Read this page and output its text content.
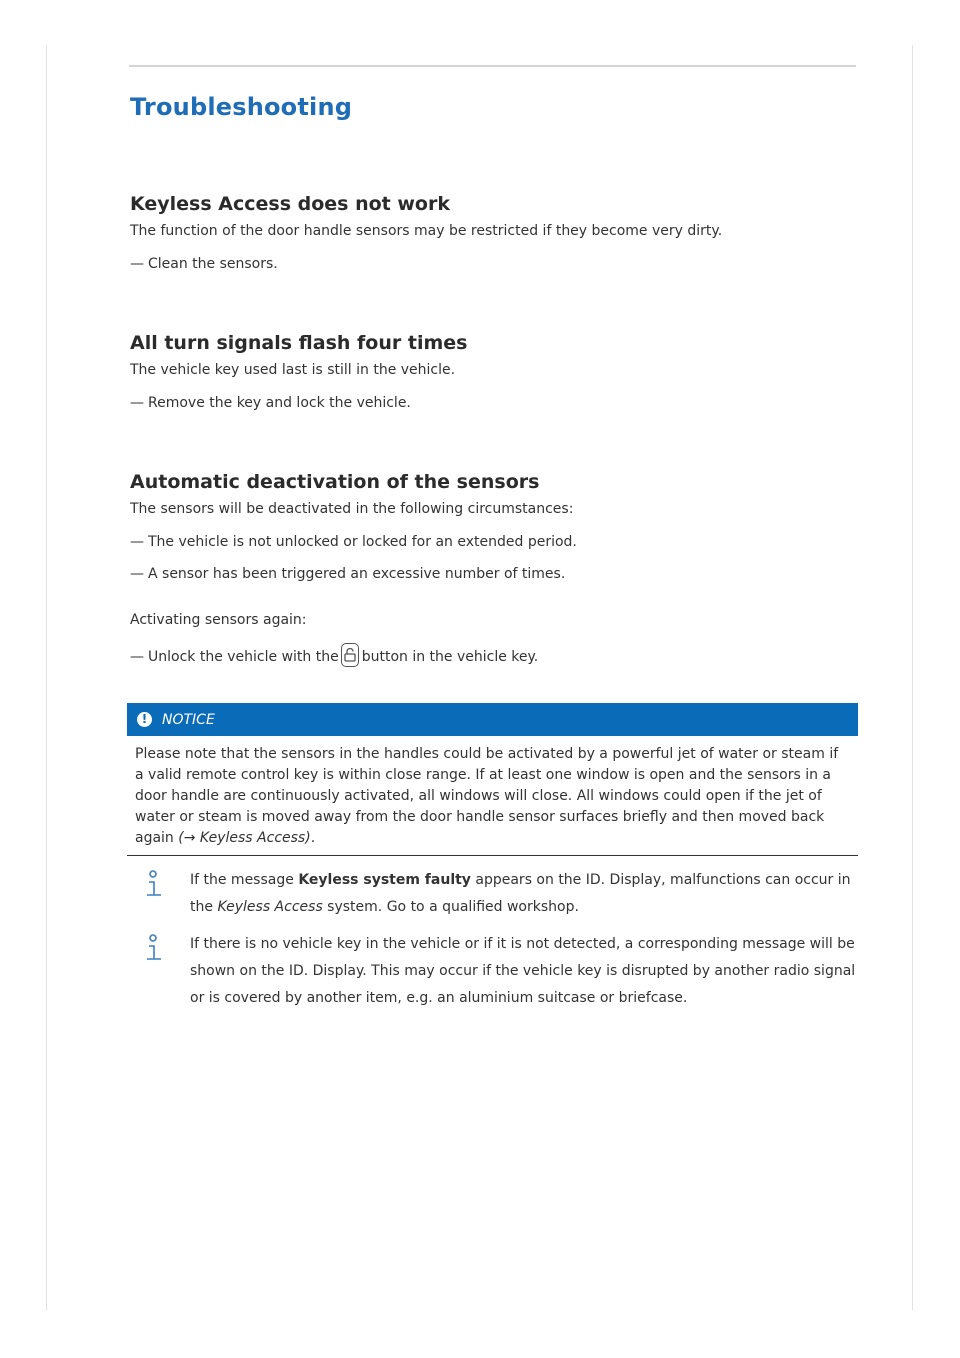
Troubleshooting
Keyless Access does not work

The function of the door handle sensors may be restricted if they become very dirty.

— Clean the sensors.

All turn signals flash four times

The vehicle key used last is still in the vehicle.

— Remove the key and lock the vehicle.

Automatic deactivation of the sensors

The sensors will be deactivated in the following circumstances:

— The vehicle is not unlocked or locked for an extended period.

— A sensor has been triggered an excessive number of times.

Activating sensors again:

— Unlock the vehicle with the button in the vehicle key.

!	NOTICE
Please note that the sensors in the handles could be activated by a powerful jet of water or steam if a valid remote control key is within close range. If at least one window is open and the sensors in a door handle are continuously activated, all windows will close. All windows could open if the jet of water or steam is moved away from the door handle sensor surfaces briefly and then moved back again (→ Keyless Access).
If the message Keyless system faulty appears on the ID. Display, malfunctions can occur in the Keyless Access system. Go to a qualified workshop.
If there is no vehicle key in the vehicle or if it is not detected, a corresponding message will be shown on the ID. Display. This may occur if the vehicle key is disrupted by another radio signal or is covered by another item, e.g. an aluminium suitcase or briefcase.
